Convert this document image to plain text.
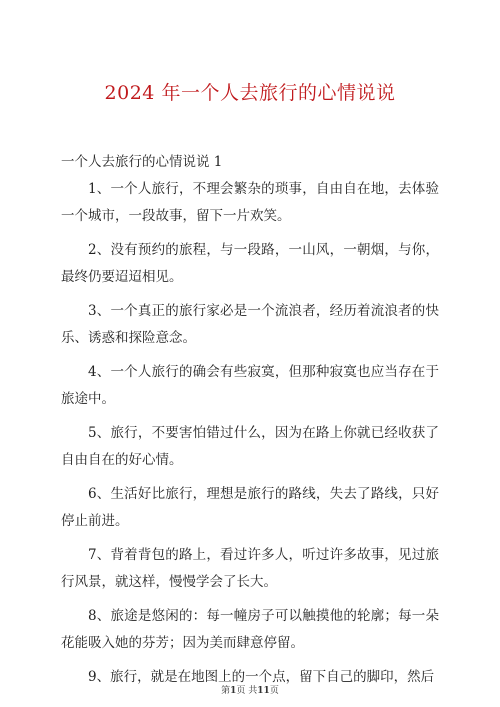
2024 年一个人去旅行的心情说说
一个人去旅行的心情说说 1

1、一个人旅行，不理会繁杂的琐事，自由自在地，去体验一个城市，一段故事，留下一片欢笑。

2、没有预约的旅程，与一段路，一山风，一朝烟，与你，最终仍要迢迢相见。

3、一个真正的旅行家必是一个流浪者，经历着流浪者的快乐、诱惑和探险意念。

4、一个人旅行的确会有些寂寞，但那种寂寞也应当存在于旅途中。

5、旅行，不要害怕错过什么，因为在路上你就已经收获了自由自在的好心情。

6、生活好比旅行，理想是旅行的路线，失去了路线，只好停止前进。

7、背着背包的路上，看过许多人，听过许多故事，见过旅行风景，就这样，慢慢学会了长大。

8、旅途是悠闲的：每一幢房子可以触摸他的轮廓；每一朵花能吸入她的芬芳；因为美而肆意停留。

9、旅行，就是在地图上的一个点，留下自己的脚印，然后

第1页 共11页
